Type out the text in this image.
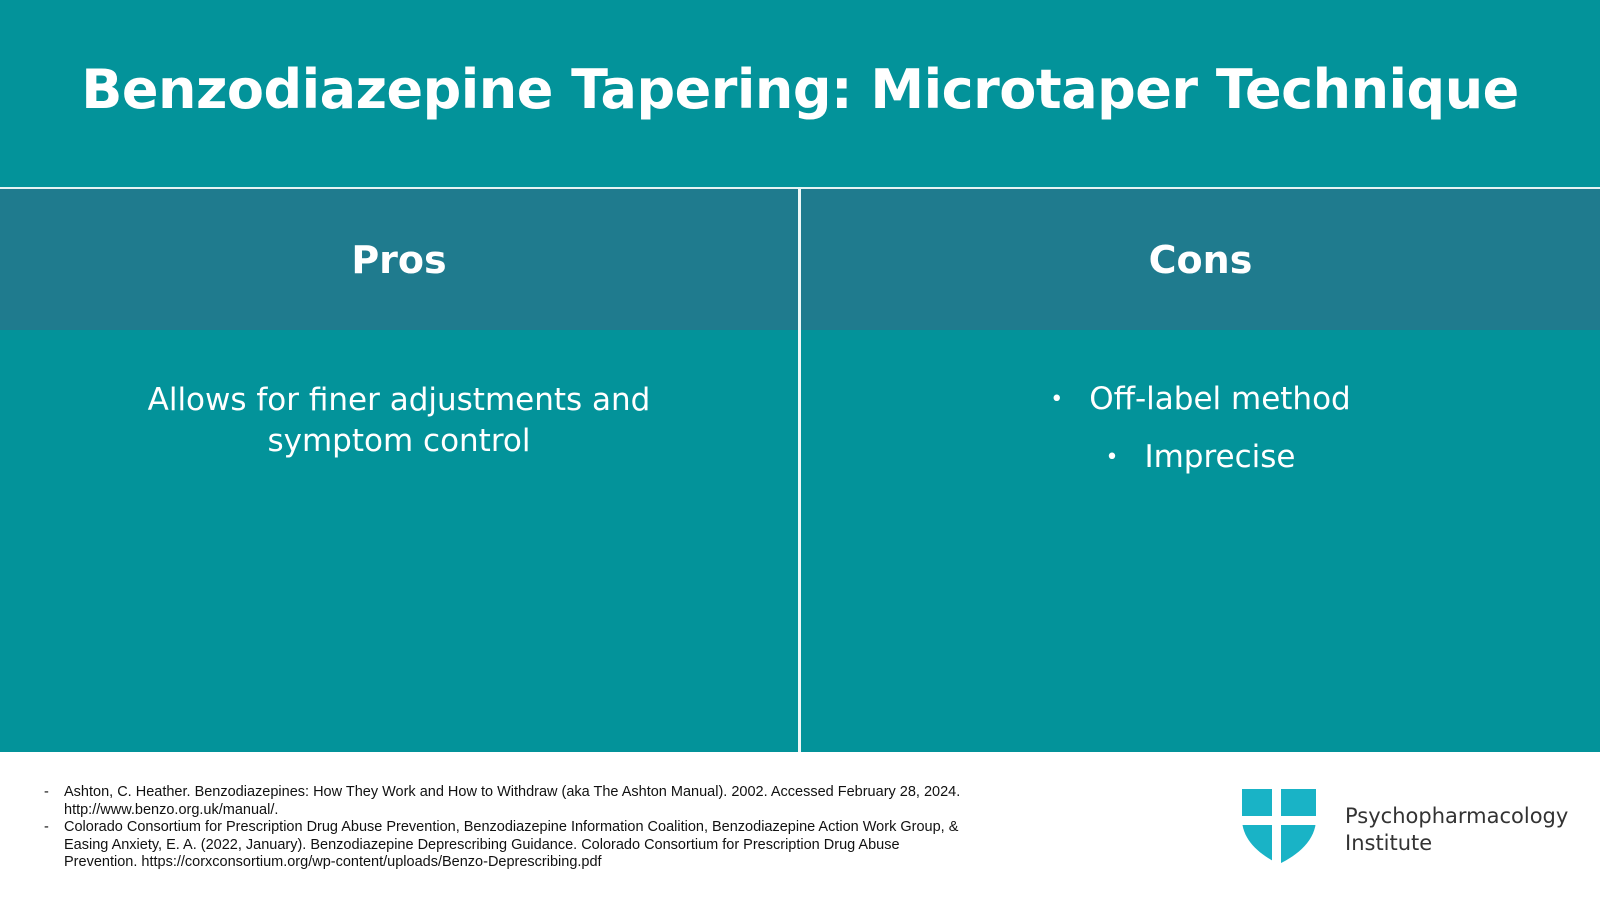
Benzodiazepine Tapering: Microtaper Technique
Pros	Cons
Allows for finer adjustments and
symptom control
• Off-label method
• Imprecise
- Ashton, C. Heather. Benzodiazepines: How They Work and How to Withdraw (aka The Ashton Manual). 2002. Accessed February 28, 2024. http://www.benzo.org.uk/manual/.
- Colorado Consortium for Prescription Drug Abuse Prevention, Benzodiazepine Information Coalition, Benzodiazepine Action Work Group, & Easing Anxiety, E. A. (2022, January). Benzodiazepine Deprescribing Guidance. Colorado Consortium for Prescription Drug Abuse Prevention. https://corxconsortium.org/wp-content/uploads/Benzo-Deprescribing.pdf
Psychopharmacology
Institute
